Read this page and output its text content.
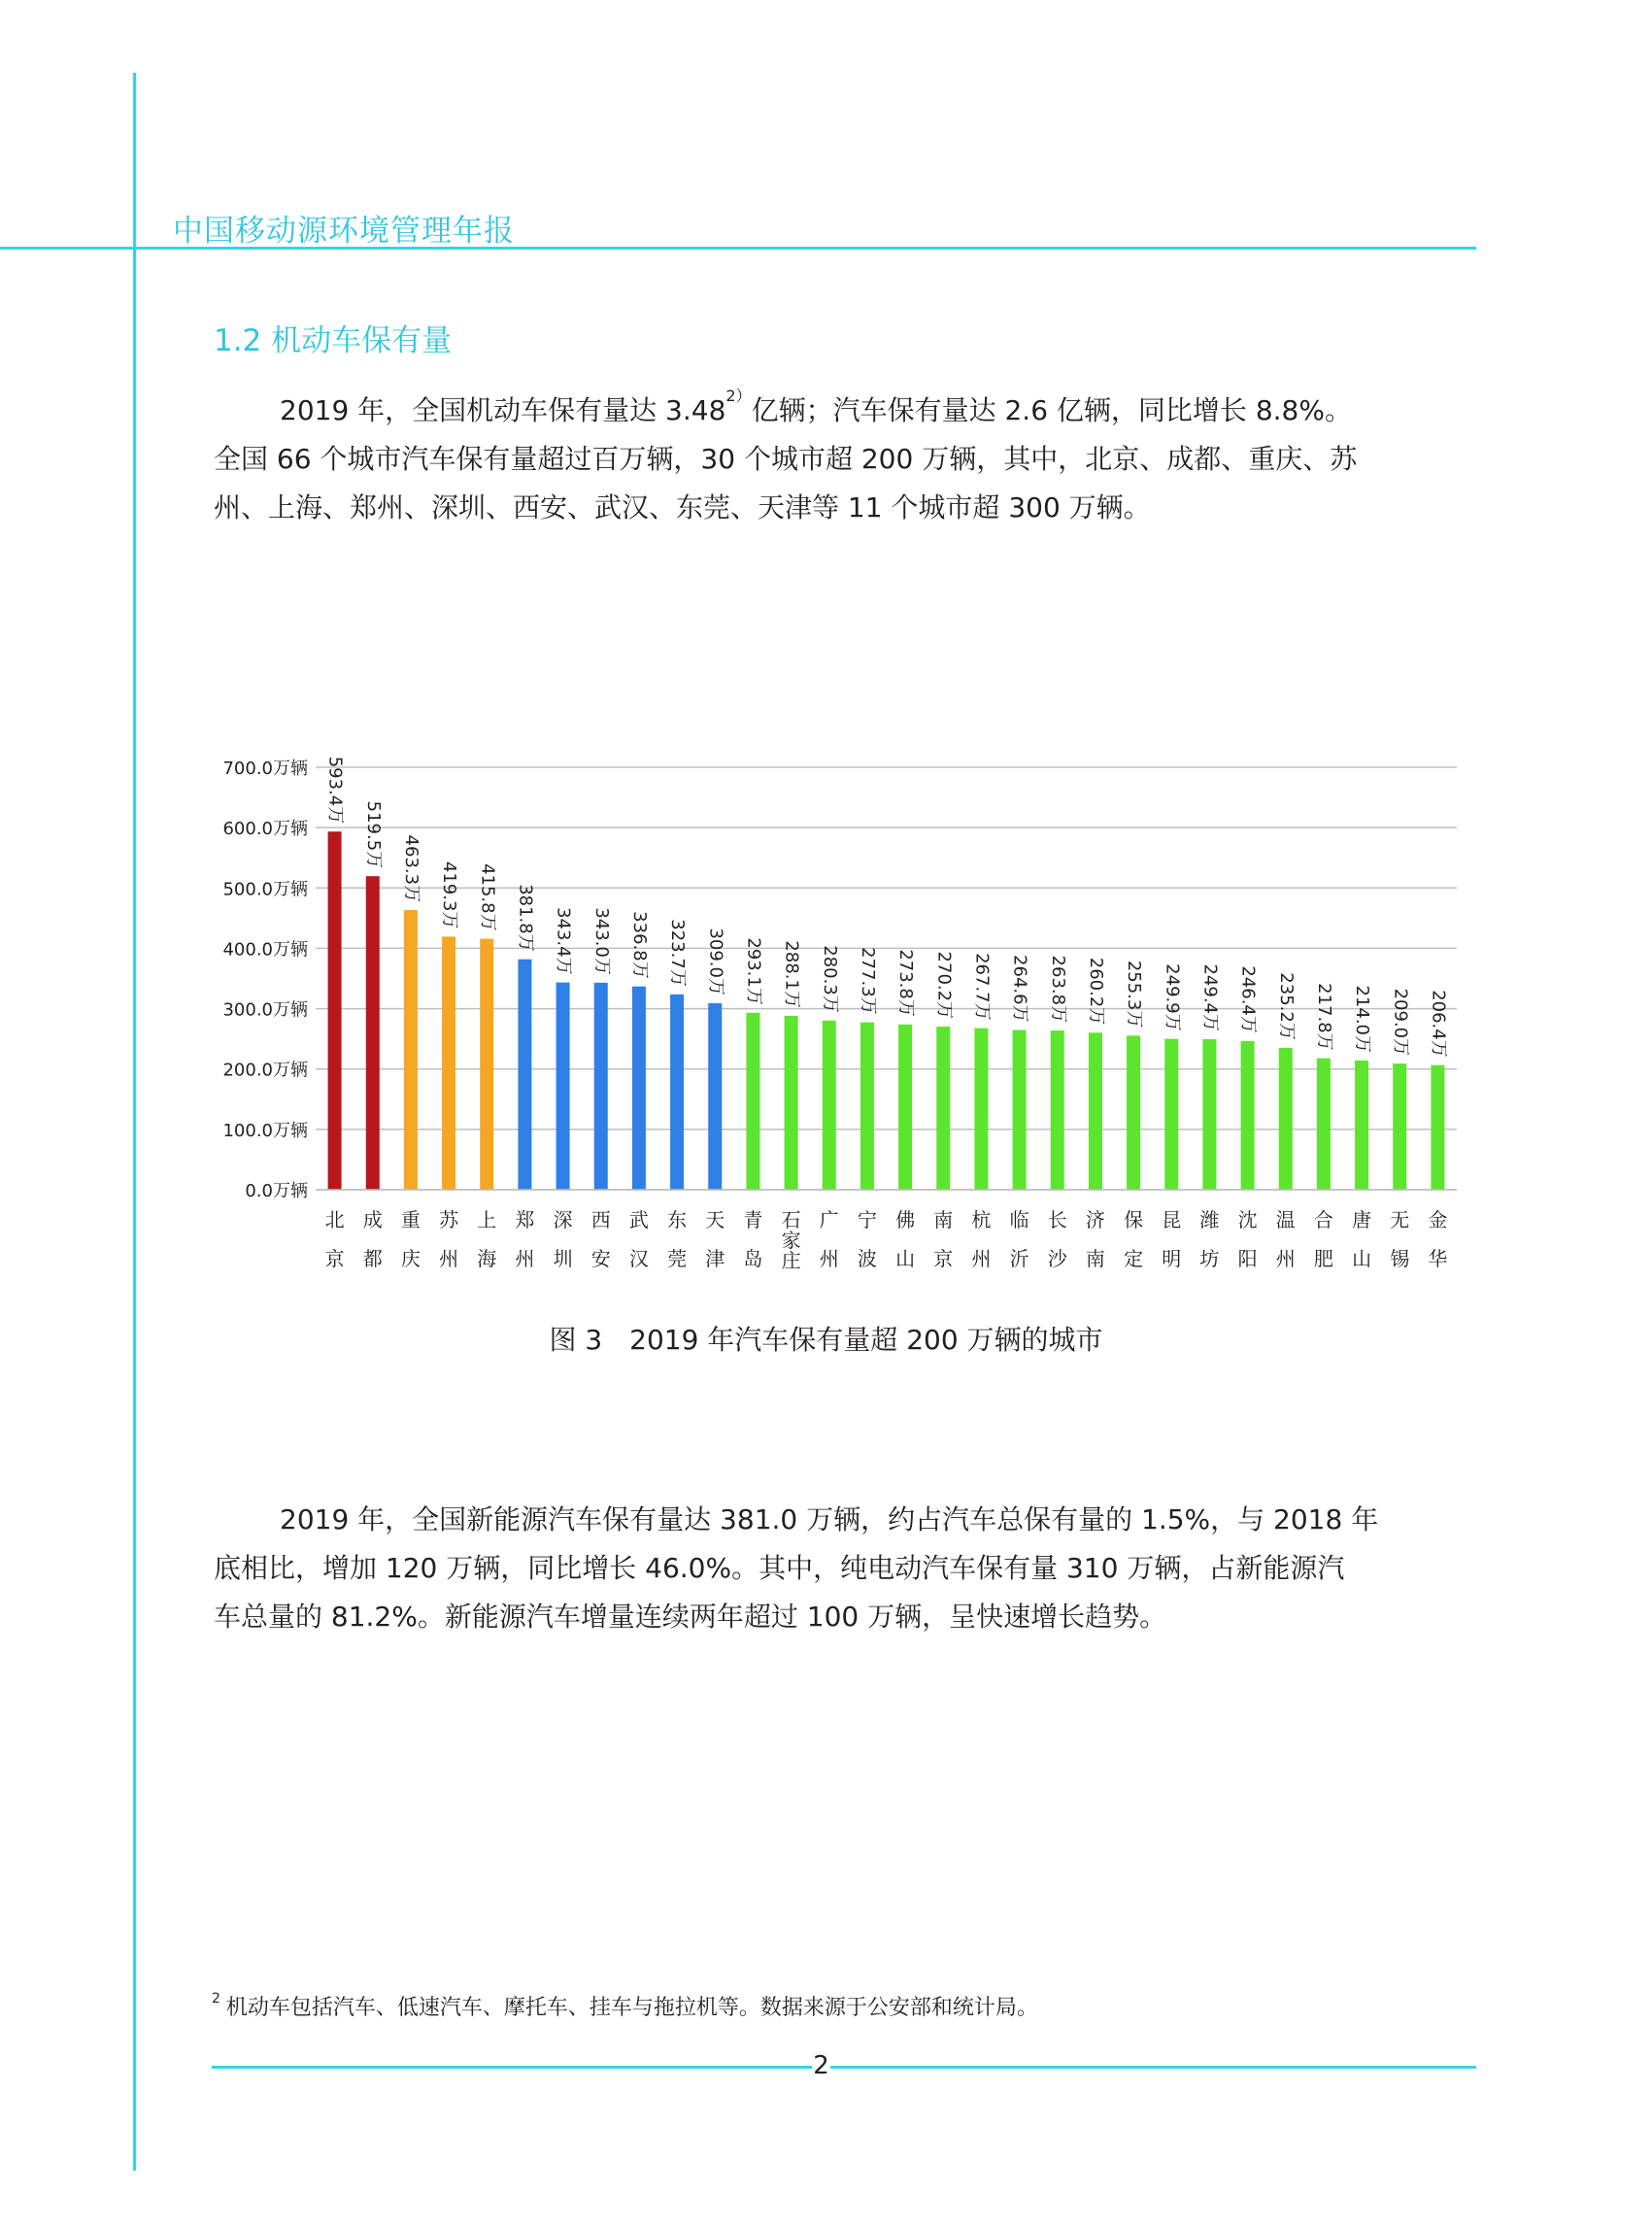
中国移动源环境管理年报
1.2 机动车保有量

2019 年，全国机动车保有量达 $3.48^{2)}$亿辆；汽车保有量达 2.6 亿辆，同比增长 8.8%。

全国 66 个城市汽车保有量超过百万辆，30 个城市超 200 万辆，其中，北京、成都、重庆、苏

州、上海、郑州、深圳、西安、武汉、东莞、天津等 11 个城市超 300 万辆。

0.0万辆
100.0万辆
200.0万辆
300.0万辆
400.0万辆
500.0万辆
600.0万辆
700.0万辆 593.4万
北京
519.5万
成都
463.3万
重庆
419.3万
苏州
415.8万
上海
381.8万
郑州
343.4万
深圳
343.0万
西安
336.8万
武汉
323.7万
东莞
309.0万
天津
293.1万
青岛
288.1万
石家庄
280.3万
广州
277.3万
宁波
273.8万
佛山
270.2万
南京
267.7万
杭州
264.6万
临沂
263.8万
长沙
260.2万
济南
255.3万
保定
249.9万
昆明
249.4万
潍坊
246.4万
沈阳
235.2万
温州
217.8万
合肥
214.0万
唐山
209.0万
无锡
206.4万
金华
图 3　2019 年汽车保有量超 200 万辆的城市

2019 年，全国新能源汽车保有量达 381.0 万辆，约占汽车总保有量的 1.5%，与 2018 年

底相比，增加 120 万辆，同比增长 46.0%。其中，纯电动汽车保有量 310 万辆，占新能源汽

车总量的 81.2%。新能源汽车增量连续两年超过 100 万辆，呈快速增长趋势。

$^2$ 机动车包括汽车、低速汽车、摩托车、挂车与拖拉机等。数据来源于公安部和统计局。
2
